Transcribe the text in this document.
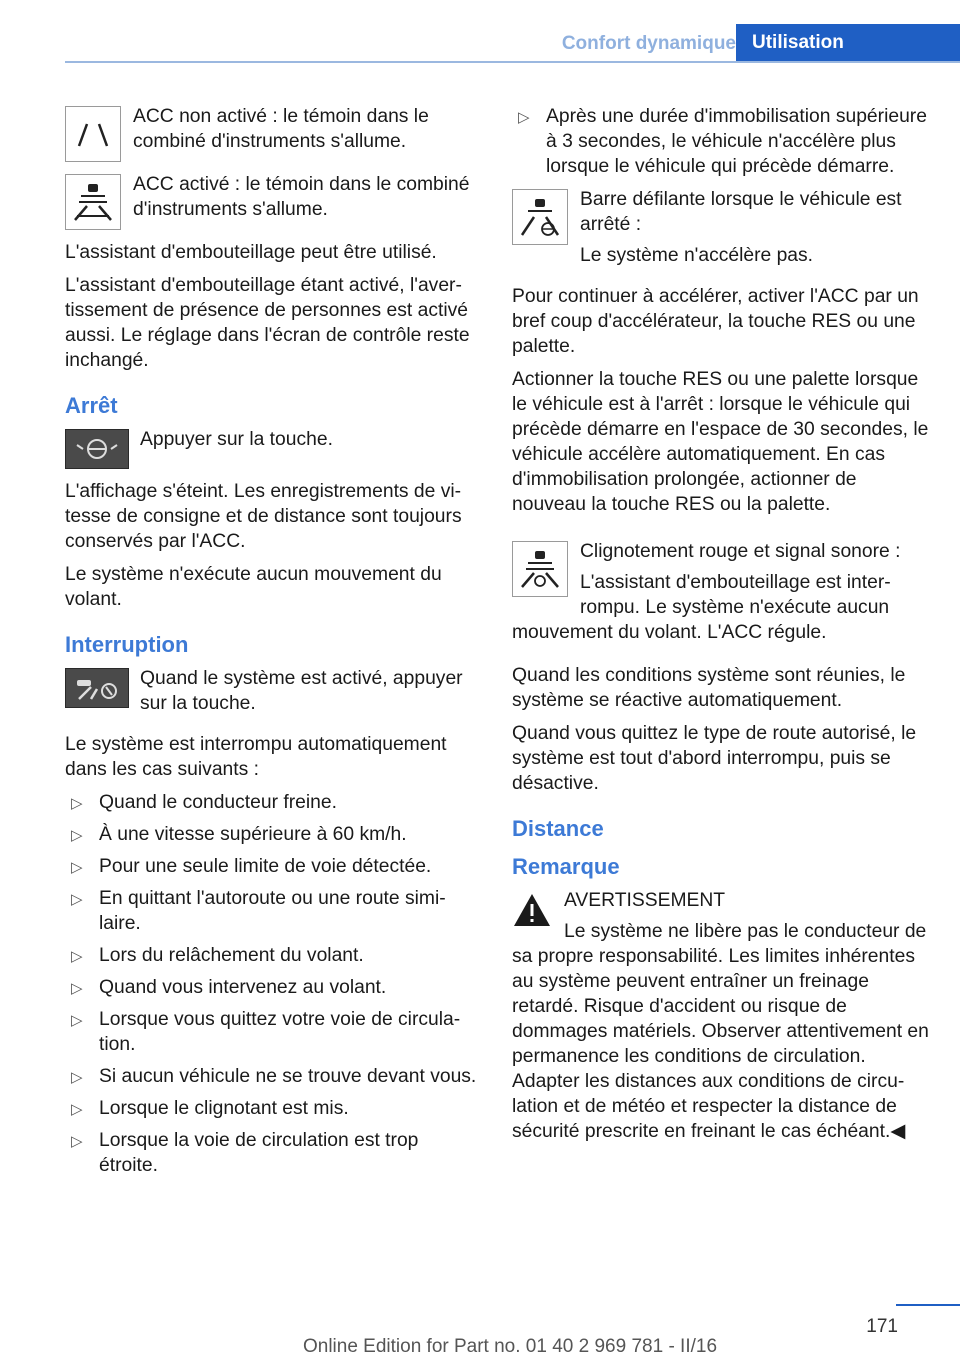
Confort dynamique Utilisation

ACC non activé : le témoin dans le combiné d'instruments s'allume.

ACC activé : le témoin dans le combiné d'instruments s'allume.

L'assistant d'embouteillage peut être utilisé.

L'assistant d'embouteillage étant activé, l'avertissement de présence de personnes est activé aussi. Le réglage dans l'écran de contrôle reste inchangé.

Arrêt

Appuyer sur la touche.

L'affichage s'éteint. Les enregistrements de vitesse de consigne et de distance sont toujours conservés par l'ACC.

Le système n'exécute aucun mouvement du volant.

Interruption

Quand le système est activé, appuyer sur la touche.

Le système est interrompu automatiquement dans les cas suivants :

▷ Quand le conducteur freine.
▷ À une vitesse supérieure à 60 km/h.
▷ Pour une seule limite de voie détectée.
▷ En quittant l'autoroute ou une route similaire.
▷ Lors du relâchement du volant.
▷ Quand vous intervenez au volant.
▷ Lorsque vous quittez votre voie de circulation.
▷ Si aucun véhicule ne se trouve devant vous.
▷ Lorsque le clignotant est mis.
▷ Lorsque la voie de circulation est trop étroite.
▷ Après une durée d'immobilisation supérieure à 3 secondes, le véhicule n'accélère plus lorsque le véhicule qui précède démarre.

Barre défilante lorsque le véhicule est arrêté :

Le système n'accélère pas.

Pour continuer à accélérer, activer l'ACC par un bref coup d'accélérateur, la touche RES ou une palette.

Actionner la touche RES ou une palette lorsque le véhicule est à l'arrêt : lorsque le véhicule qui précède démarre en l'espace de 30 secondes, le véhicule accélère automatiquement. En cas d'immobilisation prolongée, actionner de nouveau la touche RES ou la palette.

Clignotement rouge et signal sonore :

L'assistant d'embouteillage est interrompu. Le système n'exécute aucun

mouvement du volant. L'ACC régule.

Quand les conditions système sont réunies, le système se réactive automatiquement.

Quand vous quittez le type de route autorisé, le système est tout d'abord interrompu, puis se désactive.

Distance
Remarque

AVERTISSEMENT

Le système ne libère pas le conducteur de sa propre responsabilité. Les limites inhérentes au système peuvent entraîner un freinage retardé. Risque d'accident ou risque de dommages matériels. Observer attentivement en permanence les conditions de circulation. Adapter les distances aux conditions de circulation et de météo et respecter la distance de sécurité prescrite en freinant le cas échéant.◀

171
Online Edition for Part no. 01 40 2 969 781 - II/16
